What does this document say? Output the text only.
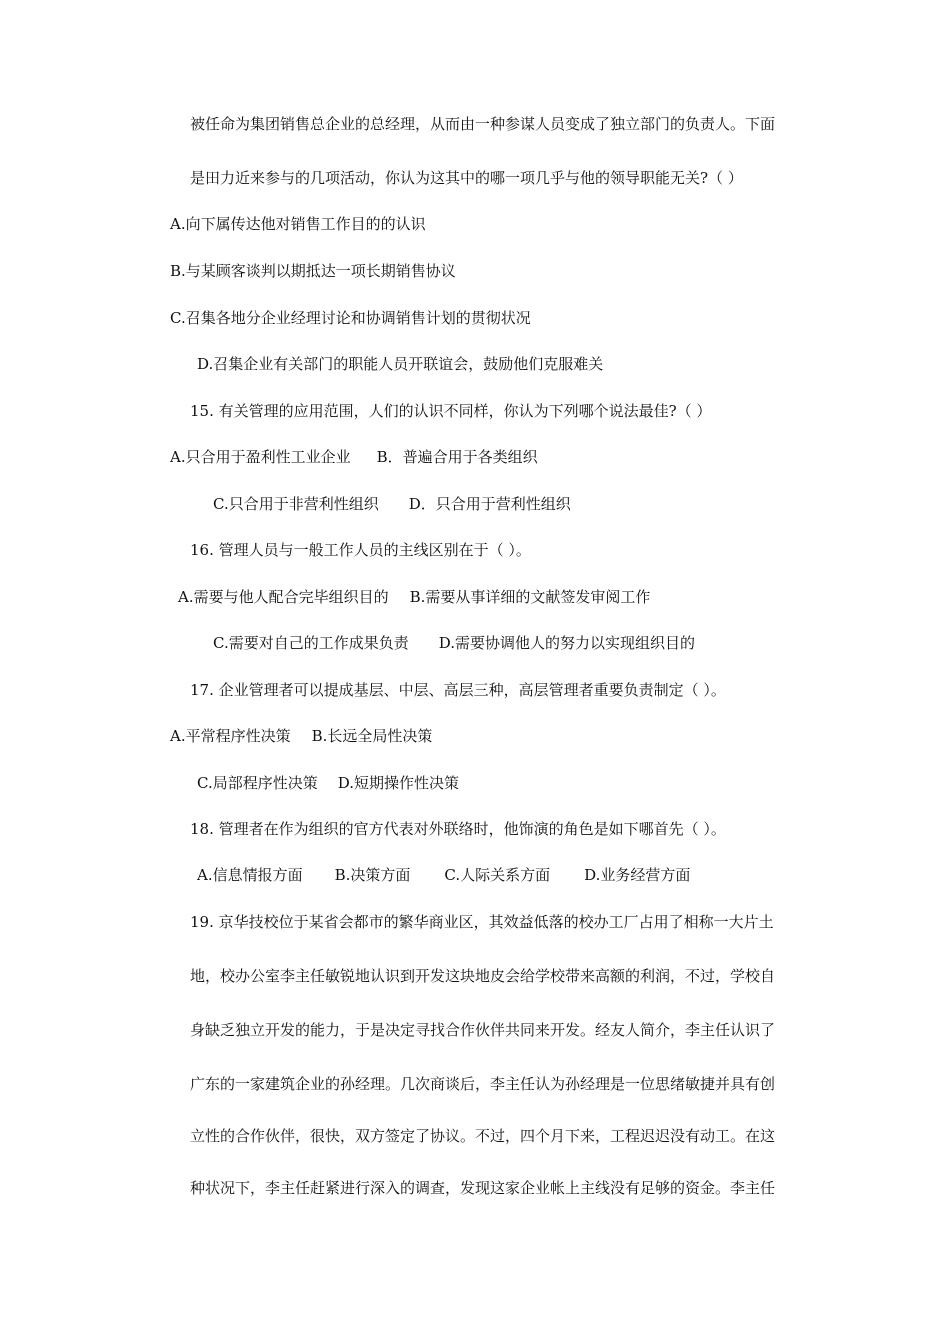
被任命为集团销售总企业的总经理，从而由一种参谋人员变成了独立部门的负责人。下面
是田力近来参与的几项活动，你认为这其中的哪一项几乎与他的领导职能无关?（ ）
A.向下属传达他对销售工作目的的认识
B.与某顾客谈判以期抵达一项长期销售协议
C.召集各地分企业经理讨论和协调销售计划的贯彻状况
D.召集企业有关部门的职能人员开联谊会，鼓励他们克服难关
15. 有关管理的应用范围，人们的认识不同样，你认为下列哪个说法最佳?（ ）
A.只合用于盈利性工业企业 B．普遍合用于各类组织
C.只合用于非营利性组织 D．只合用于营利性组织
16. 管理人员与一般工作人员的主线区别在于（ ）。
A.需要与他人配合完毕组织目的 B.需要从事详细的文献签发审阅工作
C.需要对自己的工作成果负责 D.需要协调他人的努力以实现组织目的
17. 企业管理者可以提成基层、中层、高层三种，高层管理者重要负责制定（ ）。
A.平常程序性决策 B.长远全局性决策
C.局部程序性决策 D.短期操作性决策
18. 管理者在作为组织的官方代表对外联络时，他饰演的角色是如下哪首先（ ）。
A.信息情报方面 B.决策方面 C.人际关系方面 D.业务经营方面
19. 京华技校位于某省会都市的繁华商业区，其效益低落的校办工厂占用了相称一大片土
地，校办公室李主任敏锐地认识到开发这块地皮会给学校带来高额的利润，不过，学校自
身缺乏独立开发的能力，于是决定寻找合作伙伴共同来开发。经友人简介，李主任认识了
广东的一家建筑企业的孙经理。几次商谈后，李主任认为孙经理是一位思绪敏捷并具有创
立性的合作伙伴，很快，双方签定了协议。不过，四个月下来，工程迟迟没有动工。在这
种状况下，李主任赶紧进行深入的调查，发现这家企业帐上主线没有足够的资金。李主任
